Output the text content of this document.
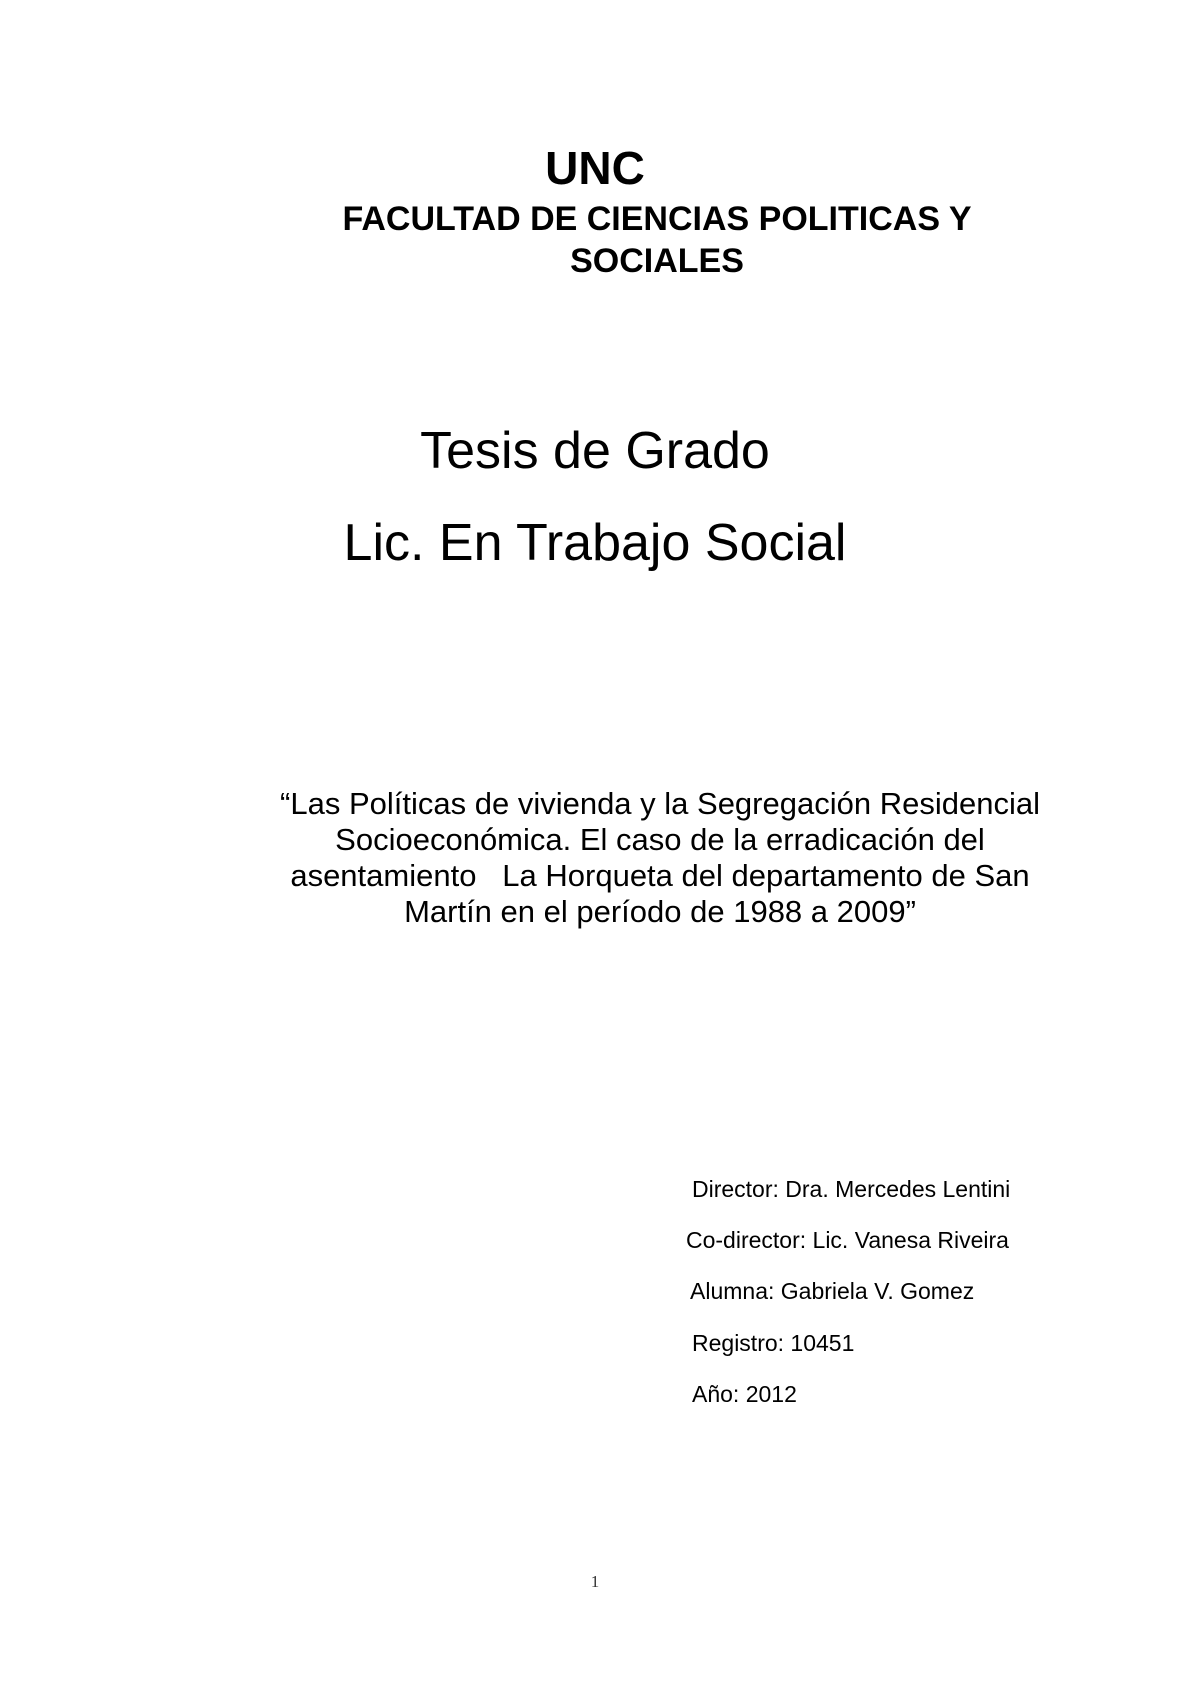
UNC
FACULTAD DE CIENCIAS POLITICAS Y
SOCIALES
Tesis de Grado
Lic. En Trabajo Social
“Las Políticas de vivienda y la Segregación Residencial
Socioeconómica. El caso de la erradicación del
asentamiento   La Horqueta del departamento de San
Martín en el período de 1988 a 2009”
Director: Dra. Mercedes Lentini
Co-director: Lic. Vanesa Riveira
Alumna: Gabriela V. Gomez
Registro: 10451
Año: 2012
1
